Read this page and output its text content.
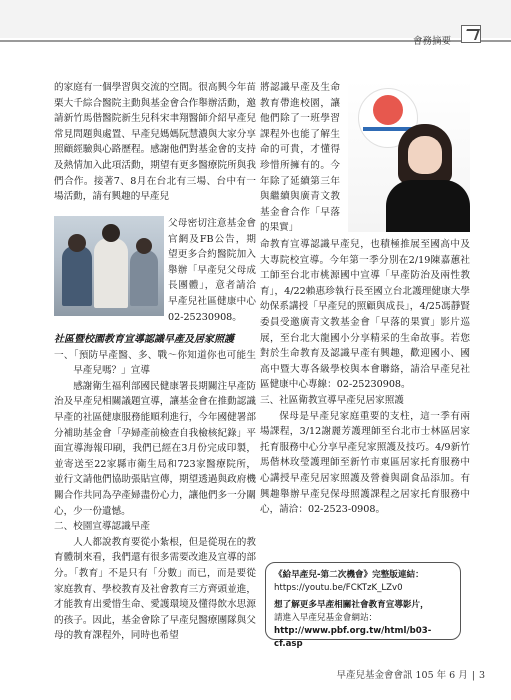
會務摘要

的家庭有一個學習與交流的空間。很高興今年苗栗大千綜合醫院主動與基金會合作舉辦活動，邀請新竹馬偕醫院新生兒科宋聿翔醫師介紹早產兒常見問題與處置、早產兒媽媽阮慧濃與大家分享照顧經驗與心路歷程。感謝他們對基金會的支持及熱情加入此項活動，期望有更多醫療院所與我們合作。接著7、8月在台北有三場、台中有一場活動，請有興趣的早產兒

父母密切注意基金會官網及FB公告，期望更多合約醫院加入舉辦「早產兒父母成長團體」，意者請洽早產兒社區健康中心02-25230908。

社區暨校園教育宣導認識早產及居家照護

一、「預防早產醫、多、戰～你知道你也可能生早產兒嗎？」宣導

感謝衛生福利部國民健康署長期關注早產防治及早產兒相關議題宣導，讓基金會在推動認識早產的社區健康服務能順利進行，今年國健署部分補助基金會「孕婦產前檢查自我檢核紀錄」平面宣導海報印刷，我們已經在3月份完成印製，並寄送至22家縣市衛生局和723家醫療院所，並行文請他們協助張貼宣傳，期望透過與政府機關合作共同為孕產婦盡份心力，讓他們多一分關心，少一份遺憾。

二、校園宣導認識早產

人人都說教育要從小紮根，但是從現在的教育體制來看，我們還有很多需要改進及宣導的部分。「教育」不是只有「分數」而已，而是要從家庭教育、學校教育及社會教育三方齊頭並進，才能教育出愛惜生命、愛護環境及懂得飲水思源的孩子。因此，基金會除了早產兒醫療團隊與父母的教育課程外，同時也希望

將認識早產及生命教育帶進校園，讓他們除了一班學習課程外也能了解生命的可貴，才懂得珍惜所擁有的。今年除了延續第三年與繼續與廣青文教基金會合作「早落的果實」

命教育宣導認識早產兒，也積極推展至國高中及大專院校宣導。今年第一季分別在2/19陳嘉蕙社工師至台北市桃源國中宣導「早產防治及兩性教育」，4/22賴惠珍執行長至國立台北護理健康大學幼保系講授「早產兒的照顧與成長」，4/25馮靜賢委員受邀廣青文教基金會「早落的果實」影片巡展，至台北大龍國小分享精采的生命故事。若您對於生命教育及認識早產有興趣，歡迎國小、國高中暨大專各級學校與本會聯絡，請洽早產兒社區健康中心專線：02-25230908。

三、社區衛教宣導早產兒居家照護

保母是早產兒家庭重要的支柱，這一季有兩場課程，3/12謝麗芳護理師至台北市士林區居家托育服務中心分享早產兒家照護及技巧。4/9新竹馬偕林玫瑩護理師至新竹市東區居家托育服務中心講授早產兒居家照護及營養與副食品添加。有興趣舉辦早產兒保母照護課程之居家托育服務中心，請洽：02-2523-0908。

《給早產兒-第二次機會》完整版連結：
https://youtu.be/FCKTzK_LZv0
想了解更多早產相關社會教育宣導影片，
請進入早產兒基金會網站：
http://www.pbf.org.tw/html/b03-cf.asp
早產兒基金會會訊 105 年 6 月 | 3
